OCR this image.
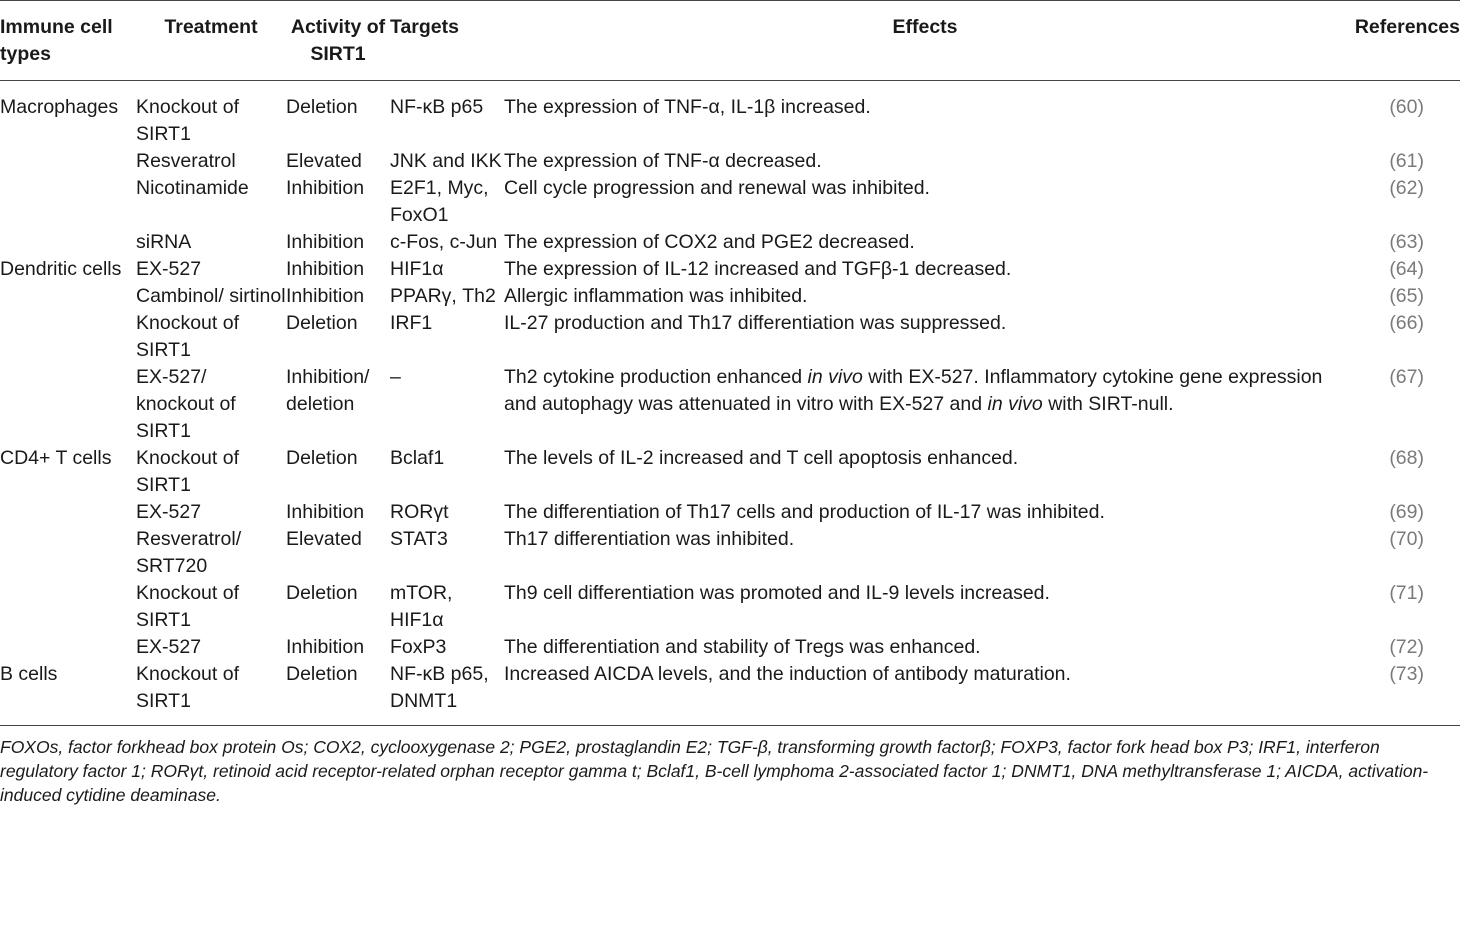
Immune cell types	Treatment	Activity of SIRT1	Targets	Effects	References
Macrophages	Knockout of SIRT1	Deletion	NF-κB p65	The expression of TNF-α, IL-1β increased.	(60)
	Resveratrol	Elevated	JNK and IKK	The expression of TNF-α decreased.	(61)
	Nicotinamide	Inhibition	E2F1, Myc, FoxO1	Cell cycle progression and renewal was inhibited.	(62)
	siRNA	Inhibition	c-Fos, c-Jun	The expression of COX2 and PGE2 decreased.	(63)
Dendritic cells	EX-527	Inhibition	HIF1α	The expression of IL-12 increased and TGFβ-1 decreased.	(64)
	Cambinol/ sirtinol	Inhibition	PPARγ, Th2	Allergic inflammation was inhibited.	(65)
	Knockout of SIRT1	Deletion	IRF1	IL-27 production and Th17 differentiation was suppressed.	(66)
	EX-527/ knockout of SIRT1	Inhibition/ deletion	–	Th2 cytokine production enhanced in vivo with EX-527. Inflammatory cytokine gene expression and autophagy was attenuated in vitro with EX-527 and in vivo with SIRT-null.	(67)
CD4+ T cells	Knockout of SIRT1	Deletion	Bclaf1	The levels of IL-2 increased and T cell apoptosis enhanced.	(68)
	EX-527	Inhibition	RORγt	The differentiation of Th17 cells and production of IL-17 was inhibited.	(69)
	Resveratrol/ SRT720	Elevated	STAT3	Th17 differentiation was inhibited.	(70)
	Knockout of SIRT1	Deletion	mTOR, HIF1α	Th9 cell differentiation was promoted and IL-9 levels increased.	(71)
	EX-527	Inhibition	FoxP3	The differentiation and stability of Tregs was enhanced.	(72)
B cells	Knockout of SIRT1	Deletion	NF-κB p65, DNMT1	Increased AICDA levels, and the induction of antibody maturation.	(73)
FOXOs, factor forkhead box protein Os; COX2, cyclooxygenase 2; PGE2, prostaglandin E2; TGF-β, transforming growth factorβ; FOXP3, factor fork head box P3; IRF1, interferon regulatory factor 1; RORγt, retinoid acid receptor-related orphan receptor gamma t; Bclaf1, B-cell lymphoma 2-associated factor 1; DNMT1, DNA methyltransferase 1; AICDA, activation-induced cytidine deaminase.
